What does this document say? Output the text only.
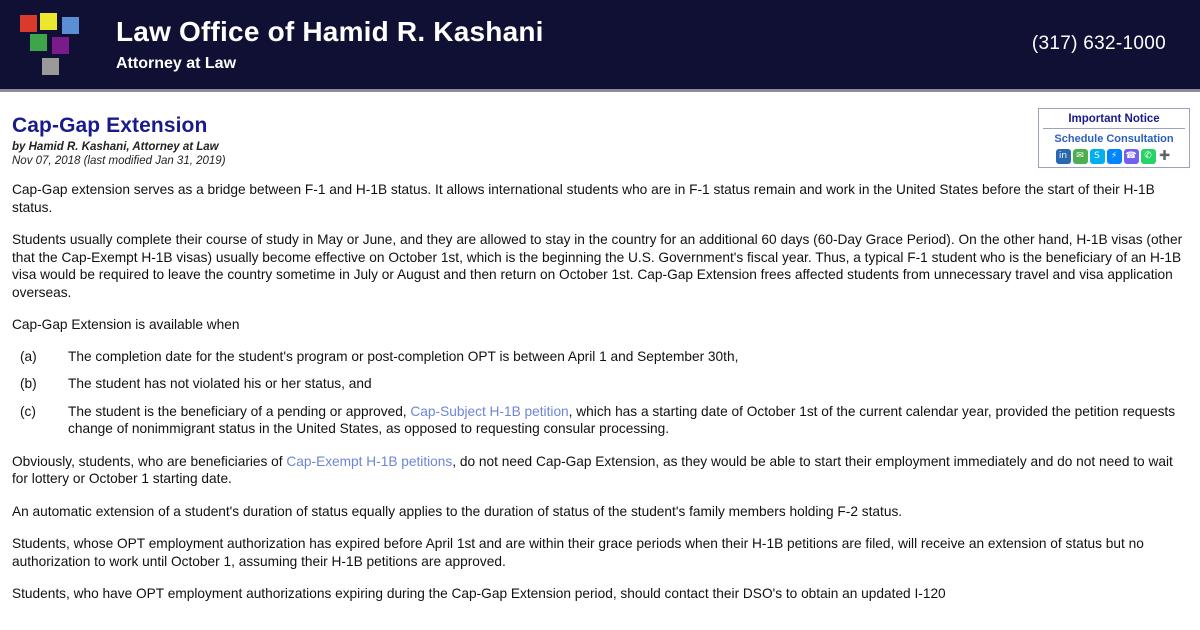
Law Office of Hamid R. Kashani
Attorney at Law
(317) 632-1000
Important Notice
Schedule Consultation
in	✉	S	⚡ ☎ ✆ ➕
Cap-Gap Extension
by Hamid R. Kashani, Attorney at Law
Nov 07, 2018 (last modified Jan 31, 2019)

Cap-Gap extension serves as a bridge between F-1 and H-1B status. It allows international students who are in F-1 status remain and work in the United States before the start of their H-1B status.

Students usually complete their course of study in May or June, and they are allowed to stay in the country for an additional 60 days (60-Day Grace Period). On the other hand, H-1B visas (other that the Cap-Exempt H-1B visas) usually become effective on October 1st, which is the beginning the U.S. Government's fiscal year. Thus, a typical F-1 student who is the beneficiary of an H-1B visa would be required to leave the country sometime in July or August and then return on October 1st. Cap-Gap Extension frees affected students from unnecessary travel and visa application overseas.

Cap-Gap Extension is available when

(a) The completion date for the student's program or post-completion OPT is between April 1 and September 30th,
(b) The student has not violated his or her status, and
(c) The student is the beneficiary of a pending or approved, Cap-Subject H-1B petition, which has a starting date of October 1st of the current calendar year, provided the petition requests change of nonimmigrant status in the United States, as opposed to requesting consular processing.

Obviously, students, who are beneficiaries of Cap-Exempt H-1B petitions, do not need Cap-Gap Extension, as they would be able to start their employment immediately and do not need to wait for lottery or October 1 starting date.

An automatic extension of a student's duration of status equally applies to the duration of status of the student's family members holding F-2 status.

Students, whose OPT employment authorization has expired before April 1st and are within their grace periods when their H-1B petitions are filed, will receive an extension of status but no authorization to work until October 1, assuming their H-1B petitions are approved.

Students, who have OPT employment authorizations expiring during the Cap-Gap Extension period, should contact their DSO's to obtain an updated I-120
